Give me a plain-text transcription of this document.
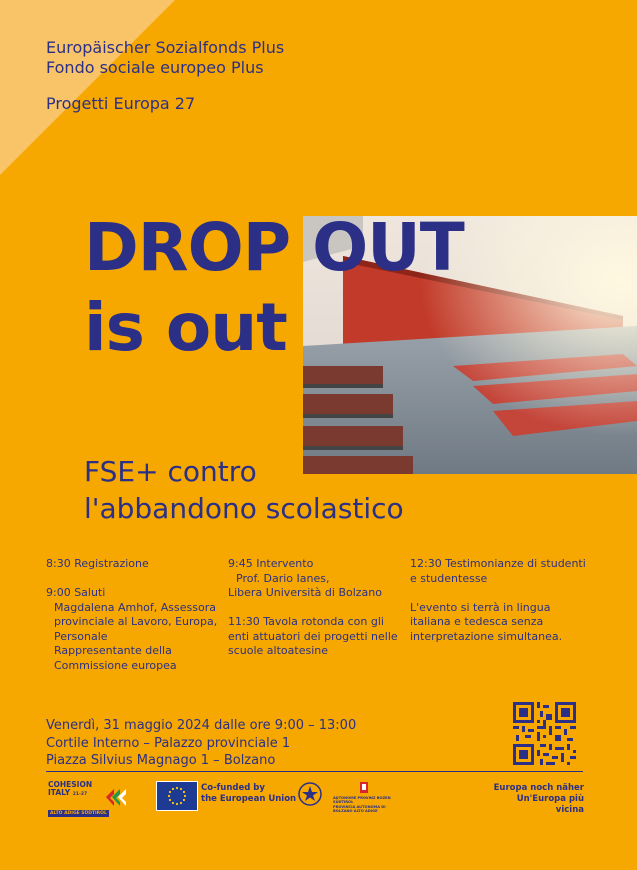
Europäischer Sozialfonds Plus
Fondo sociale europeo Plus
Progetti Europa 27
DROP OUT
is out
FSE+ contro
l'abbandono scolastico

8:30 Registrazione

9:00 Saluti
Magdalena Amhof, Assessora provinciale al Lavoro, Europa, Personale
Rappresentante della Commissione europea

9:45 Intervento

Prof. Dario Ianes,
Libera Università di Bolzano

11:30 Tavola rotonda con gli enti attuatori dei progetti nelle scuole altoatesine

12:30 Testimonianze di studenti e studentesse

L'evento si terrà in lingua italiana e tedesca senza interpretazione simultanea.

Venerdì, 31 maggio 2024 dalle ore 9:00 – 13:00
Cortile Interno – Palazzo provinciale 1
Piazza Silvius Magnago 1 – Bolzano
COHESION
ITALY 21-27
ALTO ADIGE SÜDTIROL
Co-funded by
the European Union	AUTONOME PROVINZ BOZEN SÜDTIROL
PROVINCIA AUTONOMA DI BOLZANO ALTO ADIGE
Europa noch näher
Un'Europa più vicina
